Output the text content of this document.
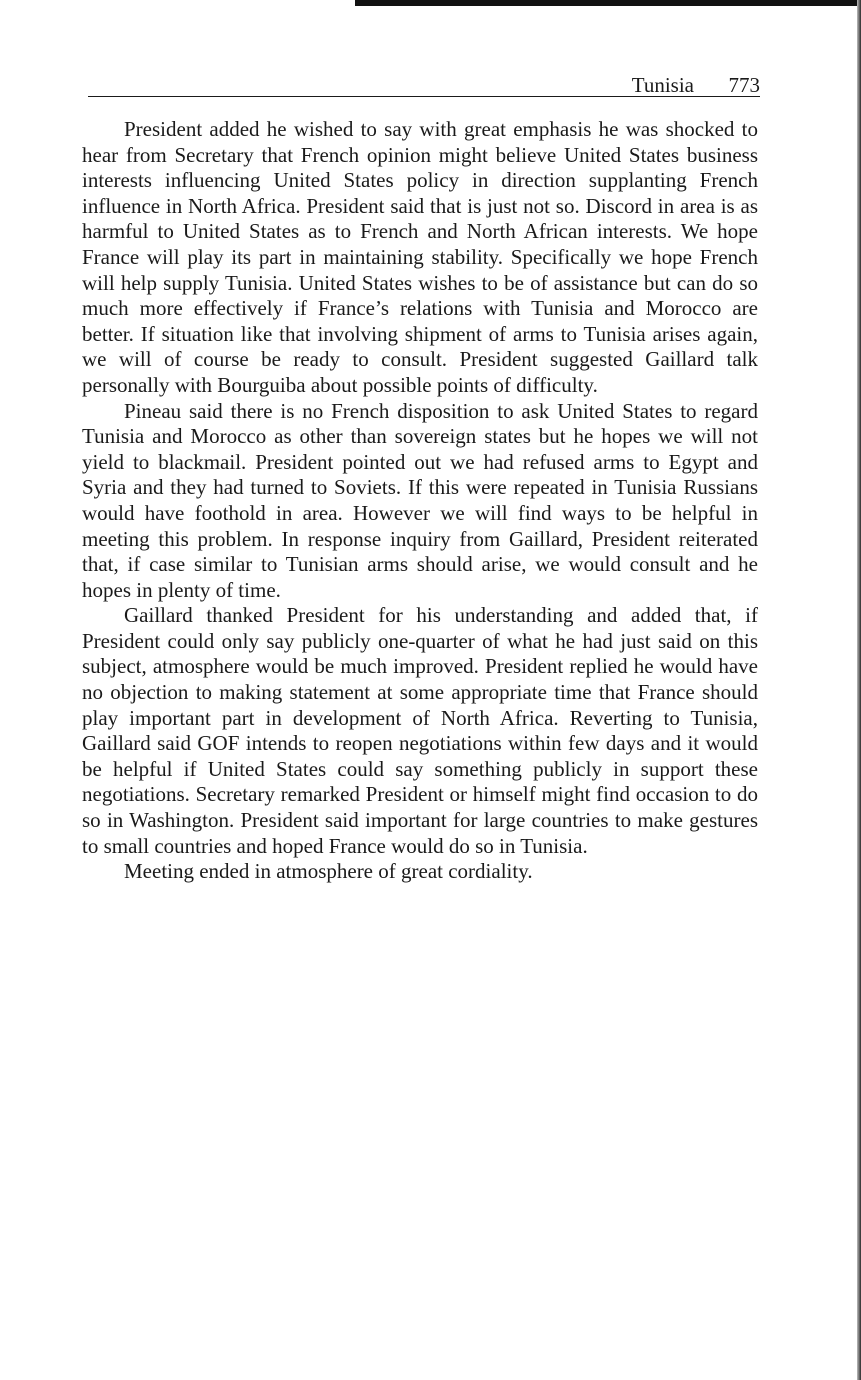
Tunisia 773

President added he wished to say with great emphasis he was shocked to hear from Secretary that French opinion might believe United States business interests influencing United States policy in direction supplanting French influence in North Africa. President said that is just not so. Discord in area is as harmful to United States as to French and North African interests. We hope France will play its part in maintaining stability. Specifically we hope French will help supply Tunisia. United States wishes to be of assistance but can do so much more effectively if France’s relations with Tunisia and Morocco are better. If situation like that involving shipment of arms to Tunisia arises again, we will of course be ready to consult. President suggested Gaillard talk personally with Bourguiba about possible points of difficulty.

Pineau said there is no French disposition to ask United States to regard Tunisia and Morocco as other than sovereign states but he hopes we will not yield to blackmail. President pointed out we had refused arms to Egypt and Syria and they had turned to Soviets. If this were repeated in Tunisia Russians would have foothold in area. However we will find ways to be helpful in meeting this problem. In response inquiry from Gaillard, President reiterated that, if case similar to Tunisian arms should arise, we would consult and he hopes in plenty of time.

Gaillard thanked President for his understanding and added that, if President could only say publicly one-quarter of what he had just said on this subject, atmosphere would be much improved. President replied he would have no objection to making statement at some appropriate time that France should play important part in development of North Africa. Reverting to Tunisia, Gaillard said GOF intends to reopen negotiations within few days and it would be helpful if United States could say something publicly in support these negotiations. Secretary remarked President or himself might find occasion to do so in Washington. President said important for large countries to make gestures to small countries and hoped France would do so in Tunisia.

Meeting ended in atmosphere of great cordiality.
